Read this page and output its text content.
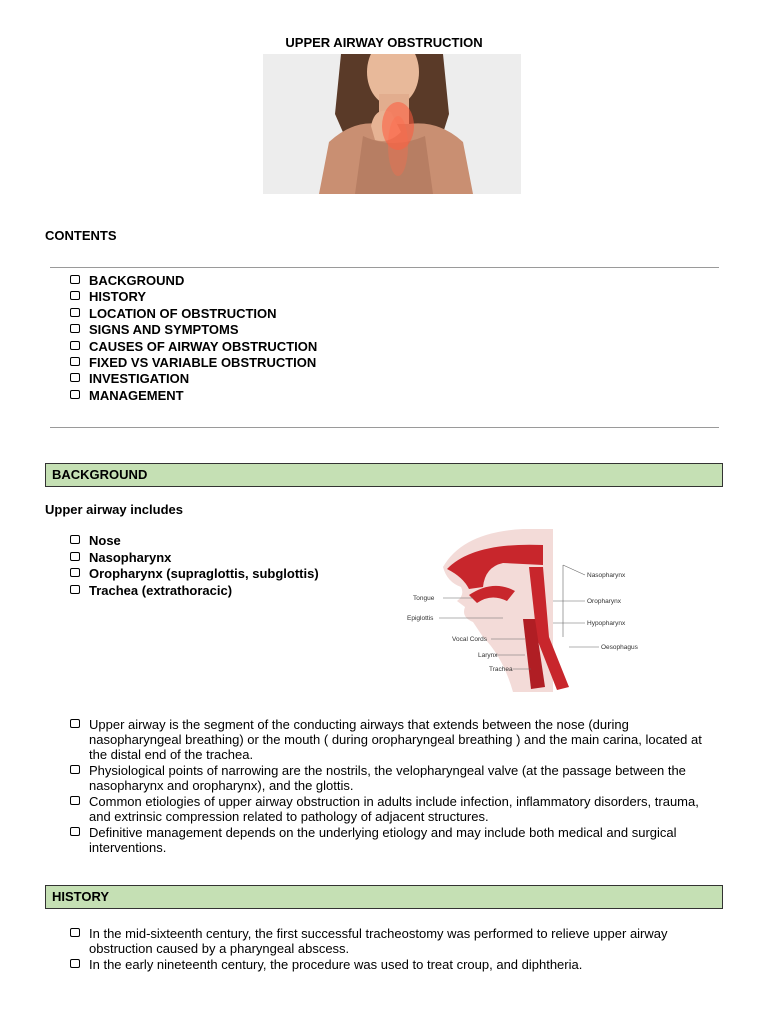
UPPER AIRWAY OBSTRUCTION
CONTENTS
BACKGROUND
HISTORY
LOCATION OF OBSTRUCTION
SIGNS AND SYMPTOMS
CAUSES OF AIRWAY OBSTRUCTION
FIXED VS VARIABLE OBSTRUCTION
INVESTIGATION
MANAGEMENT
BACKGROUND
Upper airway includes
Nose
Nasopharynx
Oropharynx (supraglottis, subglottis)
Trachea (extrathoracic)
Nasopharynx
Oropharynx
Hypopharynx
Oesophagus
Tongue
Epiglottis
Vocal Cords
Larynx
Trachea
Upper airway is the segment of the conducting airways that extends between the nose (during nasopharyngeal breathing) or the mouth ( during oropharyngeal breathing ) and the main carina, located at the distal end of the trachea.
Physiological points of narrowing are the nostrils, the velopharyngeal valve (at the passage between the nasopharynx and oropharynx), and the glottis.
Common etiologies of upper airway obstruction in adults include infection, inflammatory disorders, trauma, and extrinsic compression related to pathology of adjacent structures.
Definitive management depends on the underlying etiology and may include both medical and surgical interventions.
HISTORY
In the mid-sixteenth century, the first successful tracheostomy was performed to relieve upper airway obstruction caused by a pharyngeal abscess.
In the early nineteenth century, the procedure was used to treat croup, and diphtheria.
